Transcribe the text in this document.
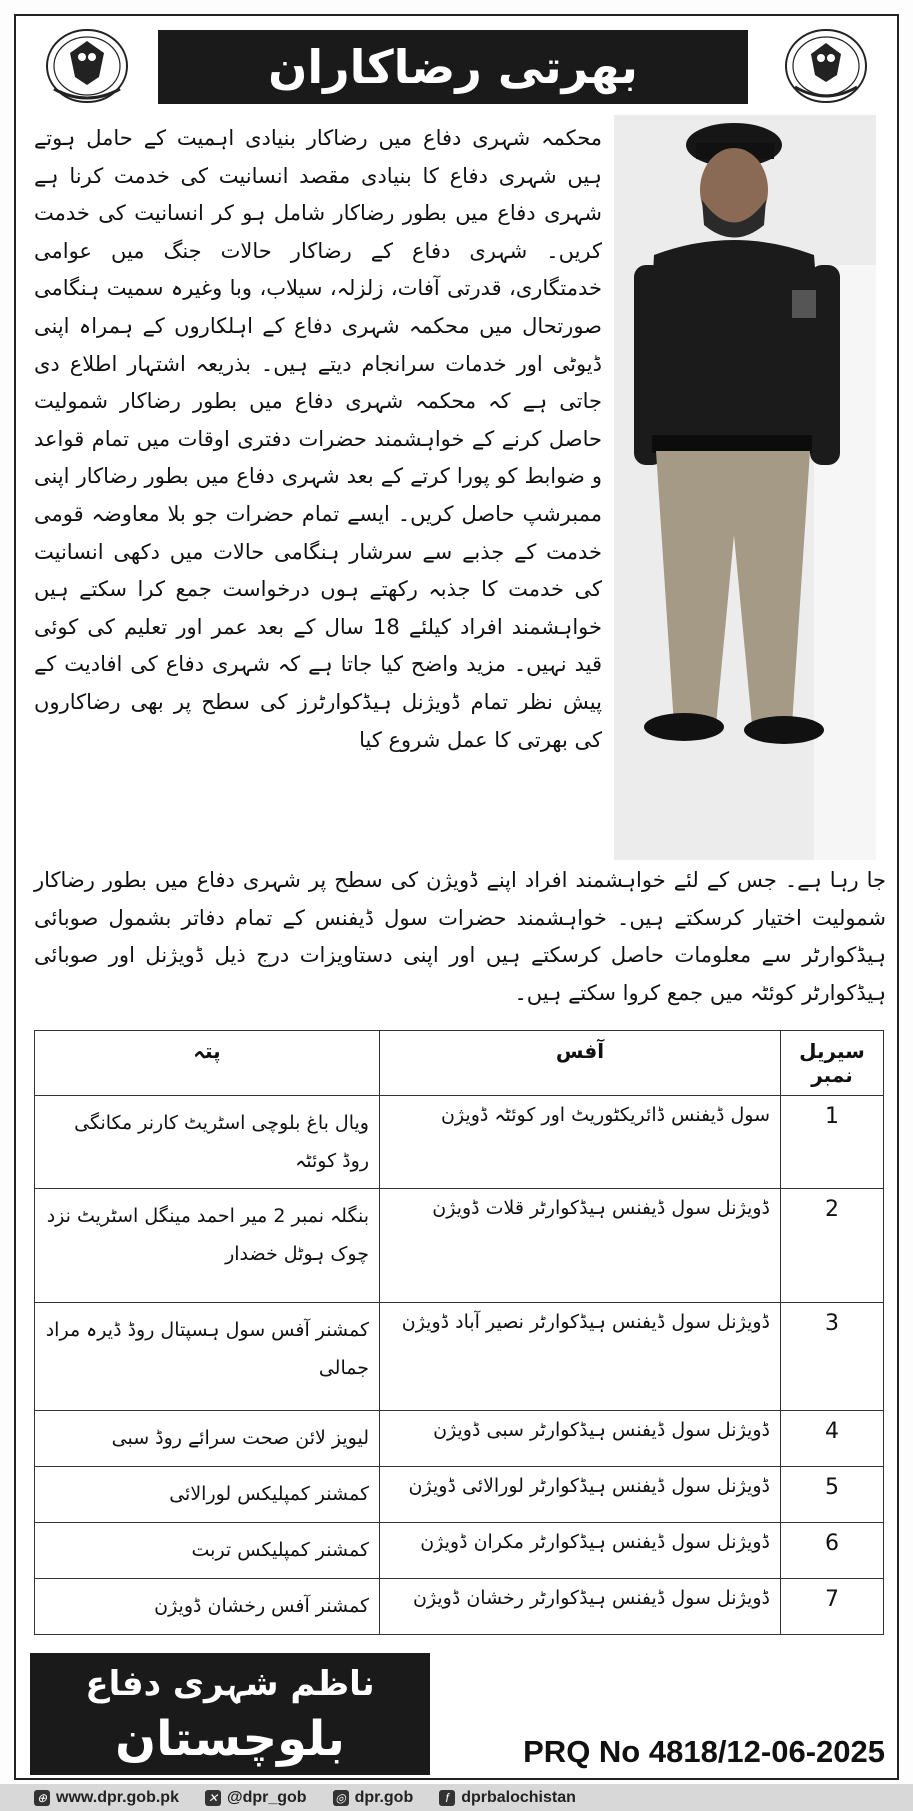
بھرتی رضاکاران
محکمہ شہری دفاع میں رضاکار بنیادی اہمیت کے حامل ہوتے ہیں شہری دفاع کا بنیادی مقصد انسانیت کی خدمت کرنا ہے شہری دفاع میں بطور رضاکار شامل ہو کر انسانیت کی خدمت کریں۔ شہری دفاع کے رضاکار حالات جنگ میں عوامی خدمتگاری، قدرتی آفات، زلزلہ، سیلاب، وبا وغیرہ سمیت ہنگامی صورتحال میں محکمہ شہری دفاع کے اہلکاروں کے ہمراہ اپنی ڈیوٹی اور خدمات سرانجام دیتے ہیں۔ بذریعہ اشتہار اطلاع دی جاتی ہے کہ محکمہ شہری دفاع میں بطور رضاکار شمولیت حاصل کرنے کے خواہشمند حضرات دفتری اوقات میں تمام قواعد و ضوابط کو پورا کرتے کے بعد شہری دفاع میں بطور رضاکار اپنی ممبرشپ حاصل کریں۔ ایسے تمام حضرات جو بلا معاوضہ قومی خدمت کے جذبے سے سرشار ہنگامی حالات میں دکھی انسانیت کی خدمت کا جذبہ رکھتے ہوں درخواست جمع کرا سکتے ہیں خواہشمند افراد کیلئے 18 سال کے بعد عمر اور تعلیم کی کوئی قید نہیں۔ مزید واضح کیا جاتا ہے کہ شہری دفاع کی افادیت کے پیش نظر تمام ڈویژنل ہیڈکوارٹرز کی سطح پر بھی رضاکاروں کی بھرتی کا عمل شروع کیا
جا رہا ہے۔ جس کے لئے خواہشمند افراد اپنے ڈویژن کی سطح پر شہری دفاع میں بطور رضاکار شمولیت اختیار کرسکتے ہیں۔ خواہشمند حضرات سول ڈیفنس کے تمام دفاتر بشمول صوبائی ہیڈکوارٹر سے معلومات حاصل کرسکتے ہیں اور اپنی دستاویزات درج ذیل ڈویژنل اور صوبائی ہیڈکوارٹر کوئٹہ میں جمع کروا سکتے ہیں۔
سیریل نمبر	آفس	پتہ
1	سول ڈیفنس ڈائریکٹوریٹ اور کوئٹہ ڈویژن	ویال باغ بلوچی اسٹریٹ کارنر مکانگی روڈ کوئٹہ
2	ڈویژنل سول ڈیفنس ہیڈکوارٹر قلات ڈویژن	بنگلہ نمبر 2 میر احمد مینگل اسٹریٹ نزد چوک ہوٹل خضدار
3	ڈویژنل سول ڈیفنس ہیڈکوارٹر نصیر آباد ڈویژن	کمشنر آفس سول ہسپتال روڈ ڈیرہ مراد جمالی
4	ڈویژنل سول ڈیفنس ہیڈکوارٹر سبی ڈویژن	لیویز لائن صحت سرائے روڈ سبی
5	ڈویژنل سول ڈیفنس ہیڈکوارٹر لورالائی ڈویژن	کمشنر کمپلیکس لورالائی
6	ڈویژنل سول ڈیفنس ہیڈکوارٹر مکران ڈویژن	کمشنر کمپلیکس تربت
7	ڈویژنل سول ڈیفنس ہیڈکوارٹر رخشان ڈویژن	کمشنر آفس رخشان ڈویژن
ناظم شہری دفاع
بلوچستان	PRQ No 4818/12-06-2025
⊕ www.dpr.gob.pk ✕ @dpr_gob ◎ dpr.gob	f dprbalochistan
